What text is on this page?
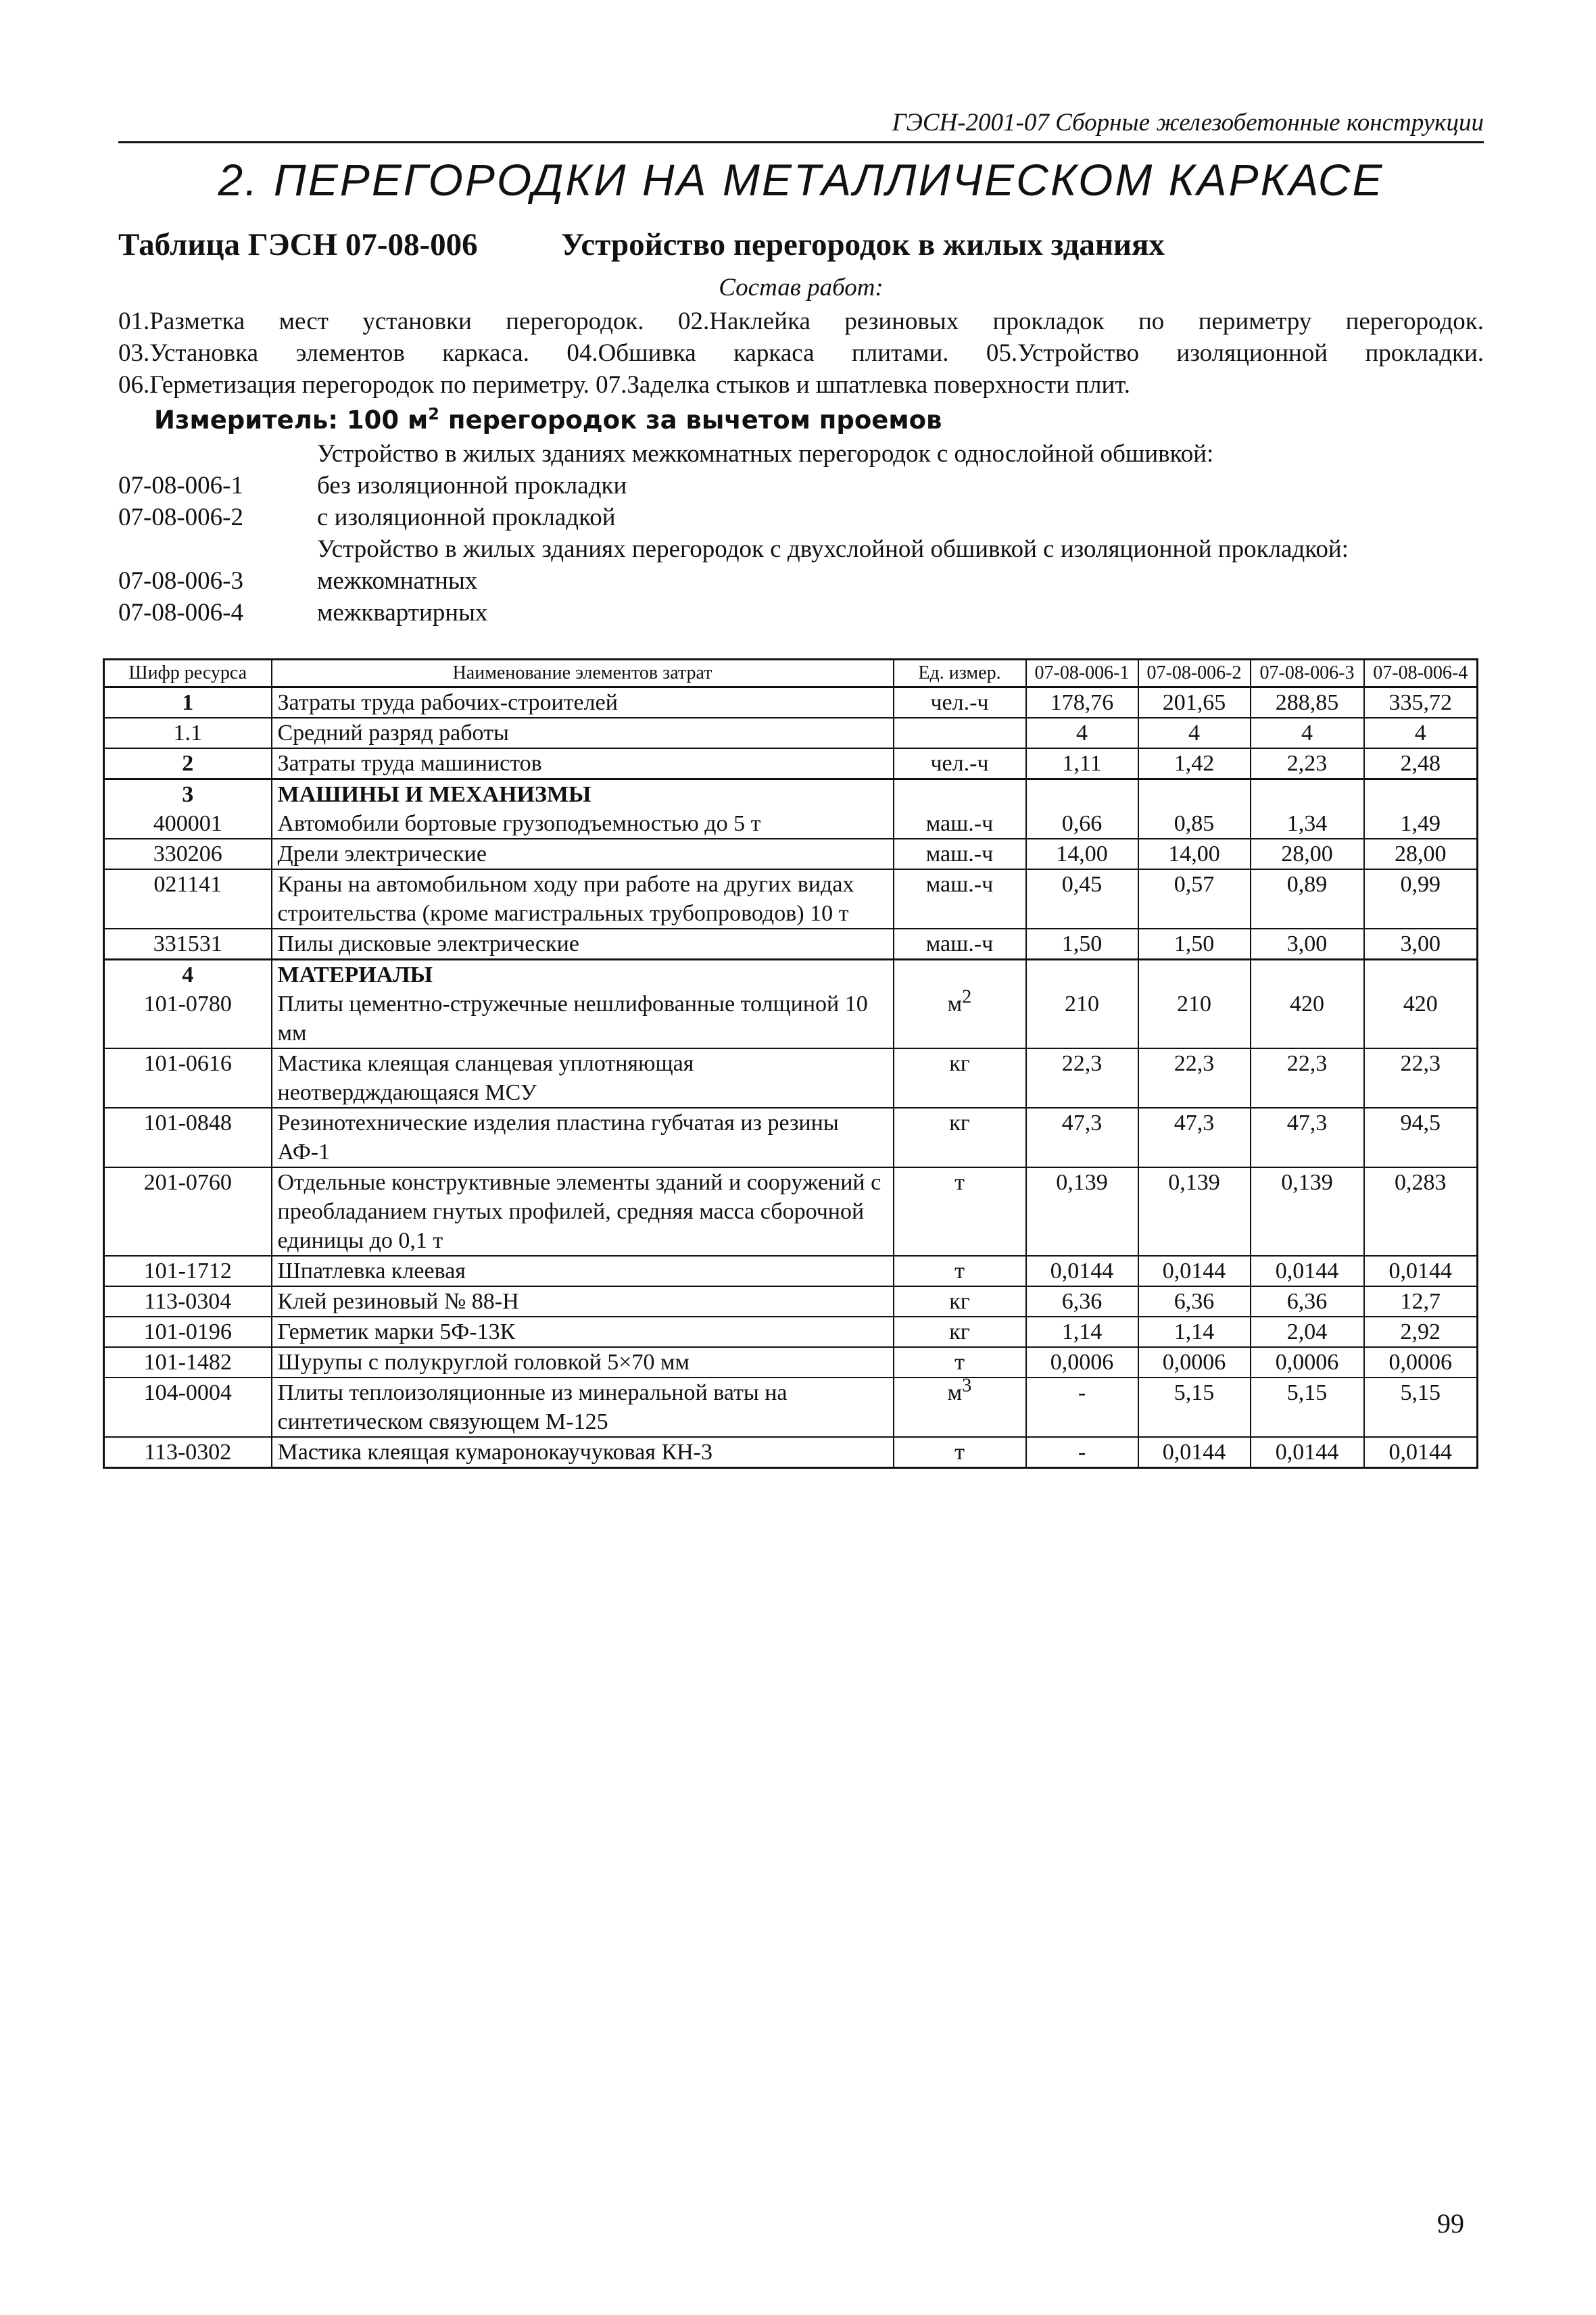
ГЭСН-2001-07 Сборные железобетонные конструкции
2. ПЕРЕГОРОДКИ НА МЕТАЛЛИЧЕСКОМ КАРКАСЕ
Таблица ГЭСН 07-08-006	Устройство перегородок в жилых зданиях
Состав работ:
01.Разметка мест установки перегородок. 02.Наклейка резиновых прокладок по периметру перегородок.
03.Установка элементов каркаса. 04.Обшивка каркаса плитами. 05.Устройство изоляционной прокладки.
06.Герметизация перегородок по периметру. 07.Заделка стыков и шпатлевка поверхности плит.
Измеритель: 100 $м^2$ перегородок за вычетом проемов
Устройство в жилых зданиях межкомнатных перегородок с однослойной обшивкой:
07-08-006-1	без изоляционной прокладки
07-08-006-2	с изоляционной прокладкой
Устройство в жилых зданиях перегородок с двухслойной обшивкой с изоляционной прокладкой:
07-08-006-3	межкомнатных
07-08-006-4	межквартирных
Шифр ресурса	Наименование элементов затрат	Ед. измер.	07-08-006-1	07-08-006-2	07-08-006-3	07-08-006-4
1	Затраты труда рабочих-строителей	чел.-ч	178,76	201,65	288,85	335,72
1.1	Средний разряд работы		4	4	4	4
2	Затраты труда машинистов	чел.-ч	1,11	1,42	2,23	2,48
3	МАШИНЫ И МЕХАНИЗМЫ					
400001	Автомобили бортовые грузоподъемностью до 5 т	маш.-ч	0,66	0,85	1,34	1,49
330206	Дрели электрические	маш.-ч	14,00	14,00	28,00	28,00
021141	Краны на автомобильном ходу при работе на других видах строительства (кроме магистральных трубопроводов) 10 т	маш.-ч	0,45	0,57	0,89	0,99
331531	Пилы дисковые электрические	маш.-ч	1,50	1,50	3,00	3,00
4	МАТЕРИАЛЫ					
101-0780	Плиты цементно-стружечные нешлифованные толщиной 10 мм	$м^2$	210	210	420	420
101-0616	Мастика клеящая сланцевая уплотняющая неотвердждающаяся МСУ	кг	22,3	22,3	22,3	22,3
101-0848	Резинотехнические изделия пластина губчатая из резины АФ-1	кг	47,3	47,3	47,3	94,5
201-0760	Отдельные конструктивные элементы зданий и сооружений с преобладанием гнутых профилей, средняя масса сборочной единицы до 0,1 т	т	0,139	0,139	0,139	0,283
101-1712	Шпатлевка клеевая	т	0,0144	0,0144	0,0144	0,0144
113-0304	Клей резиновый № 88-Н	кг	6,36	6,36	6,36	12,7
101-0196	Герметик марки 5Ф-13К	кг	1,14	1,14	2,04	2,92
101-1482	Шурупы с полукруглой головкой 5×70 мм	т	0,0006	0,0006	0,0006	0,0006
104-0004	Плиты теплоизоляционные из минеральной ваты на синтетическом связующем М-125	$м^3$	-	5,15	5,15	5,15
113-0302	Мастика клеящая кумаронокаучуковая КН-3	т	-	0,0144	0,0144	0,0144
99
